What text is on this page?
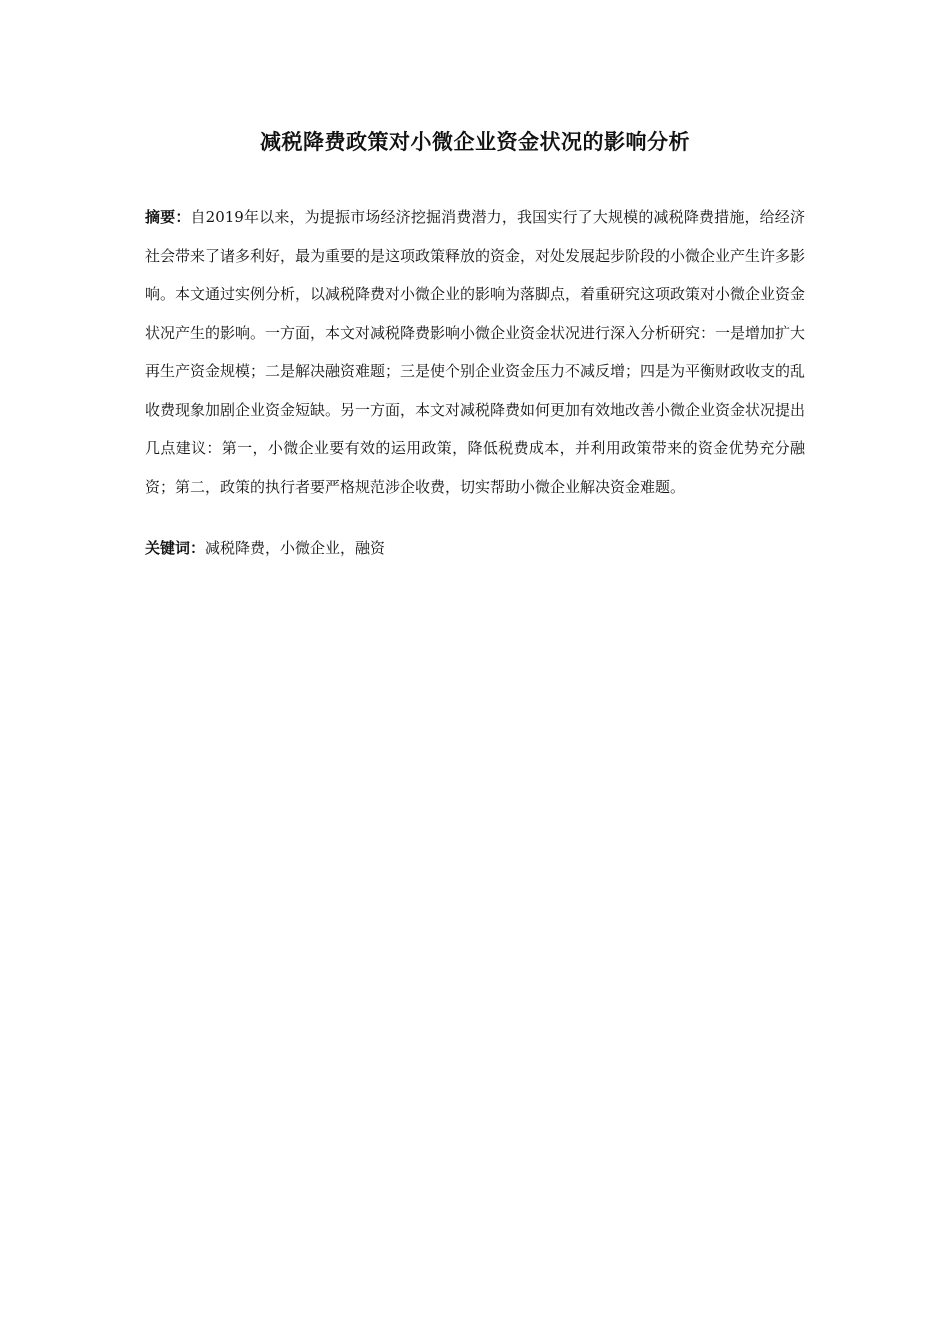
减税降费政策对小微企业资金状况的影响分析

摘要：自2019年以来，为提振市场经济挖掘消费潜力，我国实行了大规模的减税降费措施，给经济社会带来了诸多利好，最为重要的是这项政策释放的资金，对处发展起步阶段的小微企业产生许多影响。本文通过实例分析，以减税降费对小微企业的影响为落脚点，着重研究这项政策对小微企业资金状况产生的影响。一方面，本文对减税降费影响小微企业资金状况进行深入分析研究：一是增加扩大再生产资金规模；二是解决融资难题；三是使个别企业资金压力不减反增；四是为平衡财政收支的乱收费现象加剧企业资金短缺。另一方面，本文对减税降费如何更加有效地改善小微企业资金状况提出几点建议：第一，小微企业要有效的运用政策，降低税费成本，并利用政策带来的资金优势充分融资；第二，政策的执行者要严格规范涉企收费，切实帮助小微企业解决资金难题。

关键词：减税降费，小微企业，融资
